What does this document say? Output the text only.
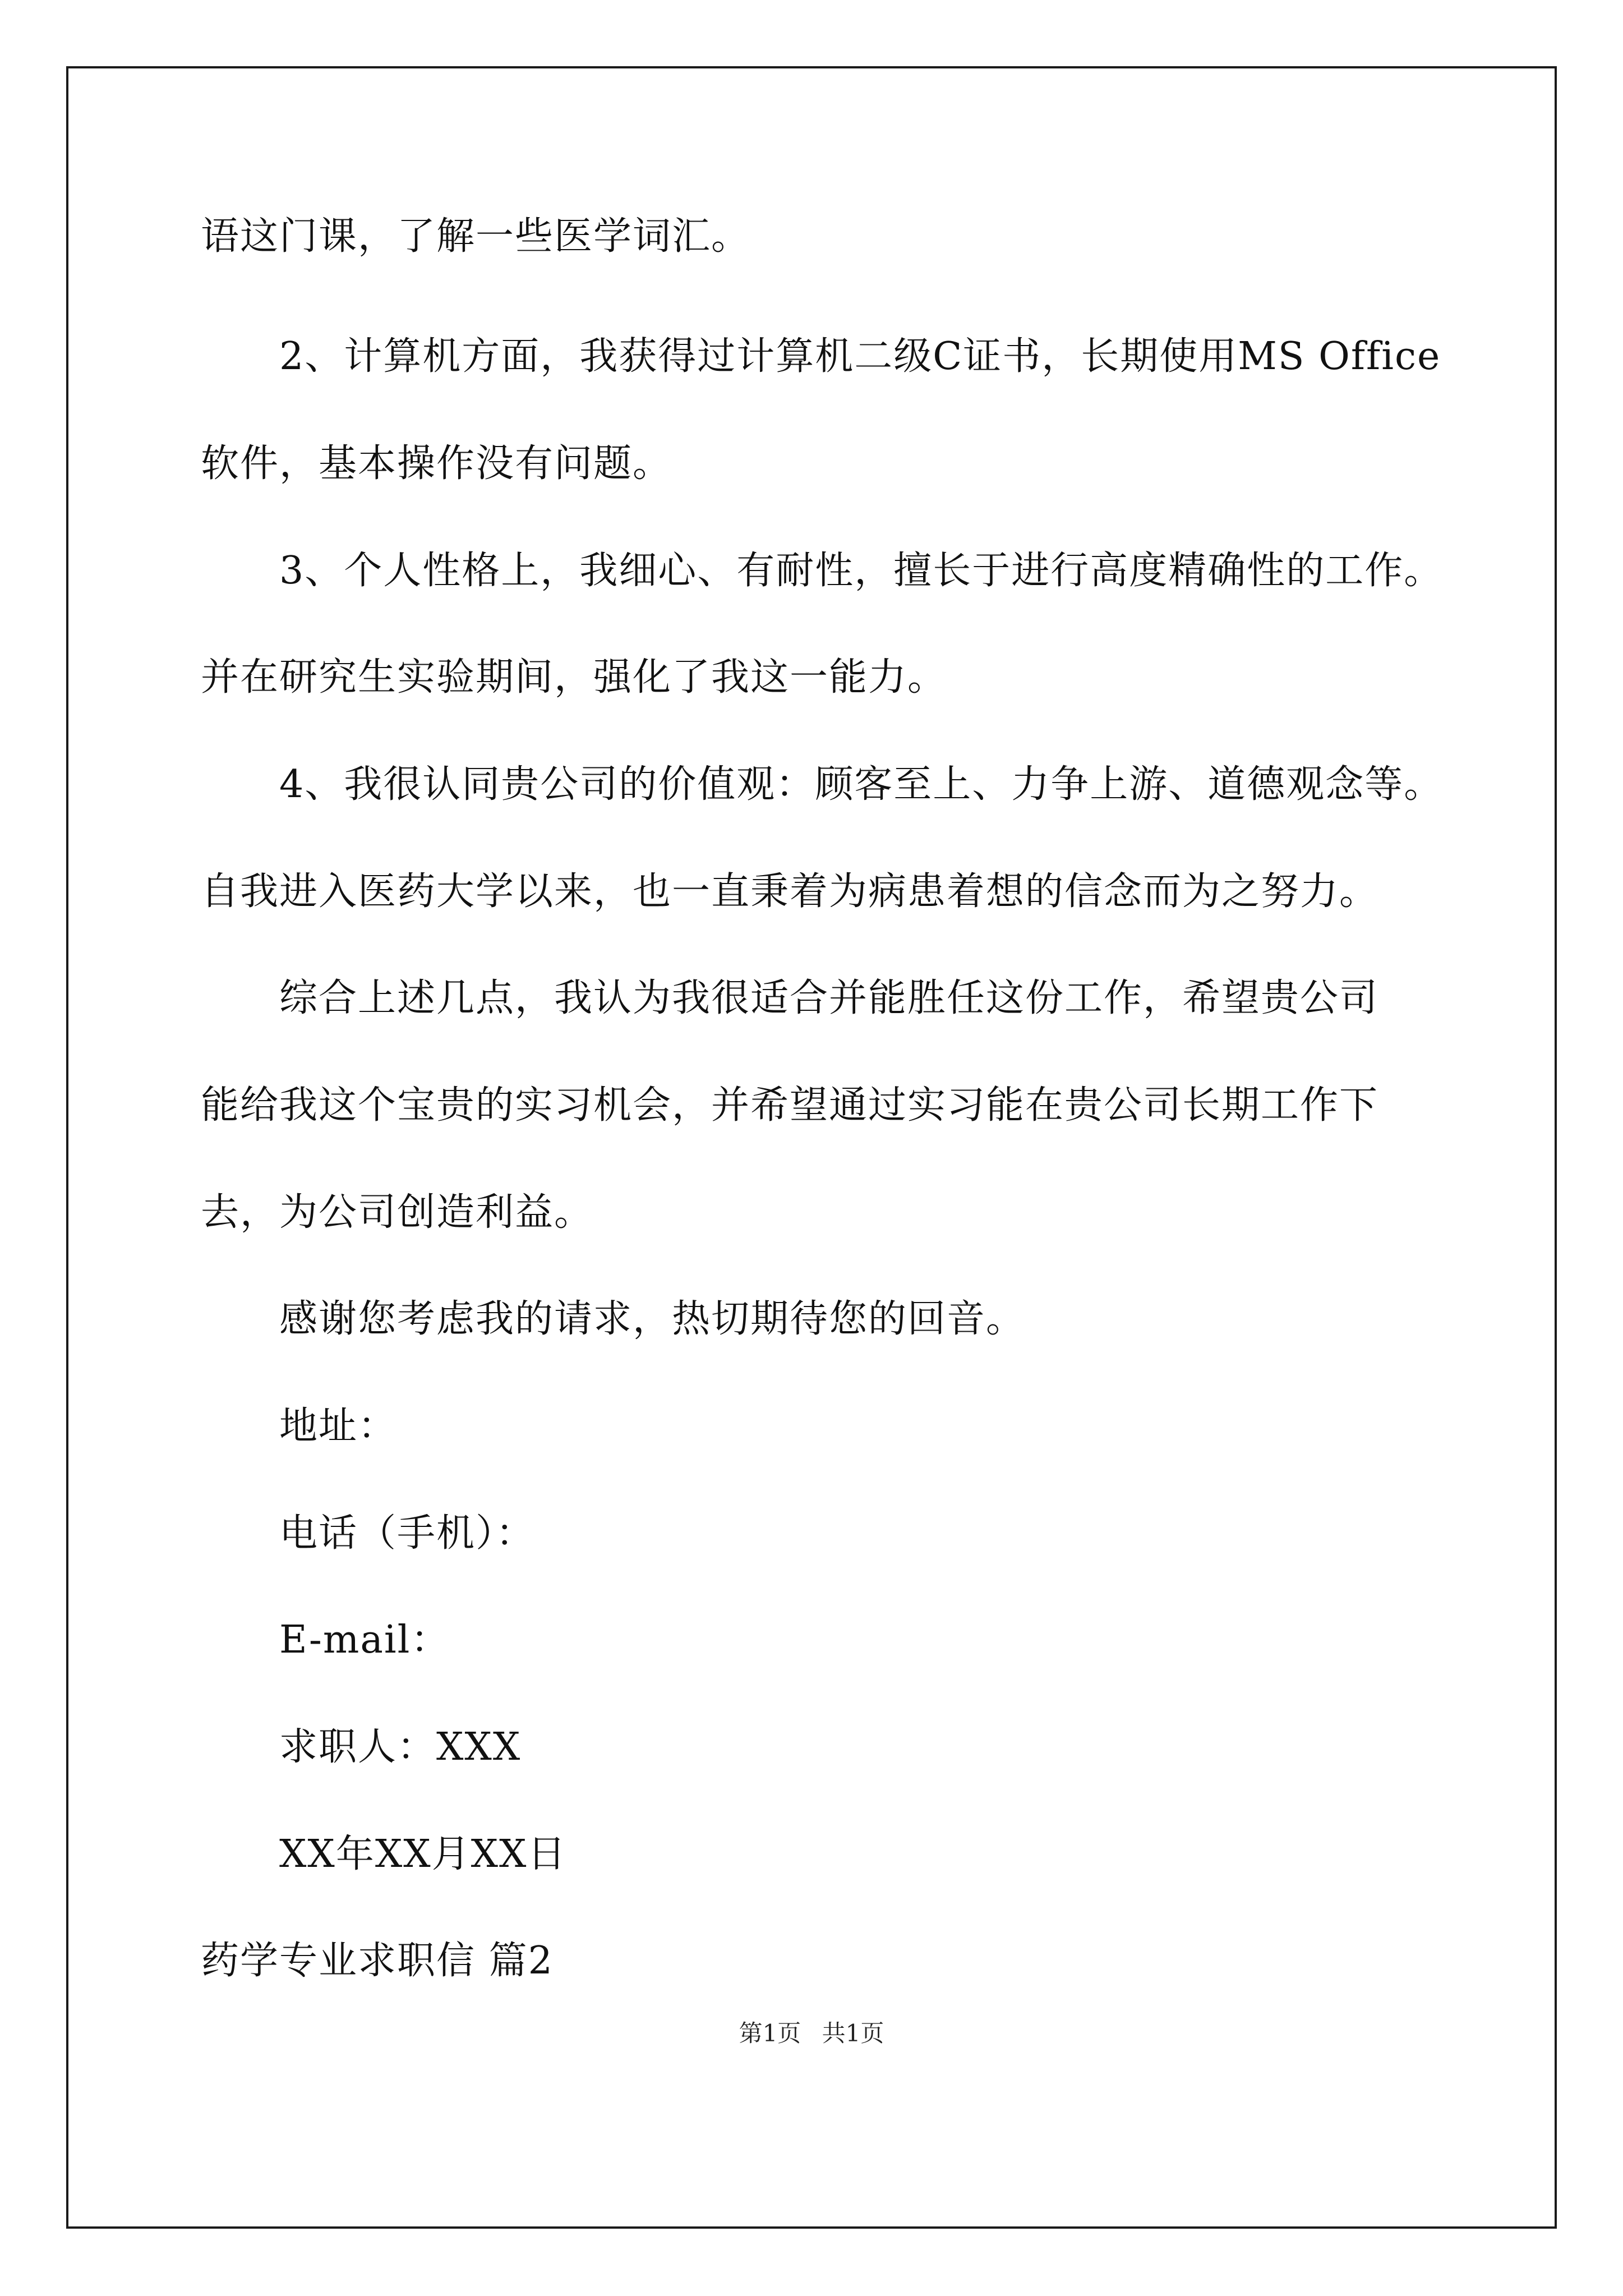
语这门课，了解一些医学词汇。
2、计算机方面，我获得过计算机二级C证书，长期使用MS Office
软件，基本操作没有问题。
3、个人性格上，我细心、有耐性，擅长于进行高度精确性的工作。
并在研究生实验期间，强化了我这一能力。
4、我很认同贵公司的价值观：顾客至上、力争上游、道德观念等。
自我进入医药大学以来，也一直秉着为病患着想的信念而为之努力。
综合上述几点，我认为我很适合并能胜任这份工作，希望贵公司
能给我这个宝贵的实习机会，并希望通过实习能在贵公司长期工作下
去，为公司创造利益。
感谢您考虑我的请求，热切期待您的回音。
地址：
电话（手机）：
E-mail：
求职人：XXX
XX年XX月XX日
药学专业求职信 篇2
第1页 共1页
